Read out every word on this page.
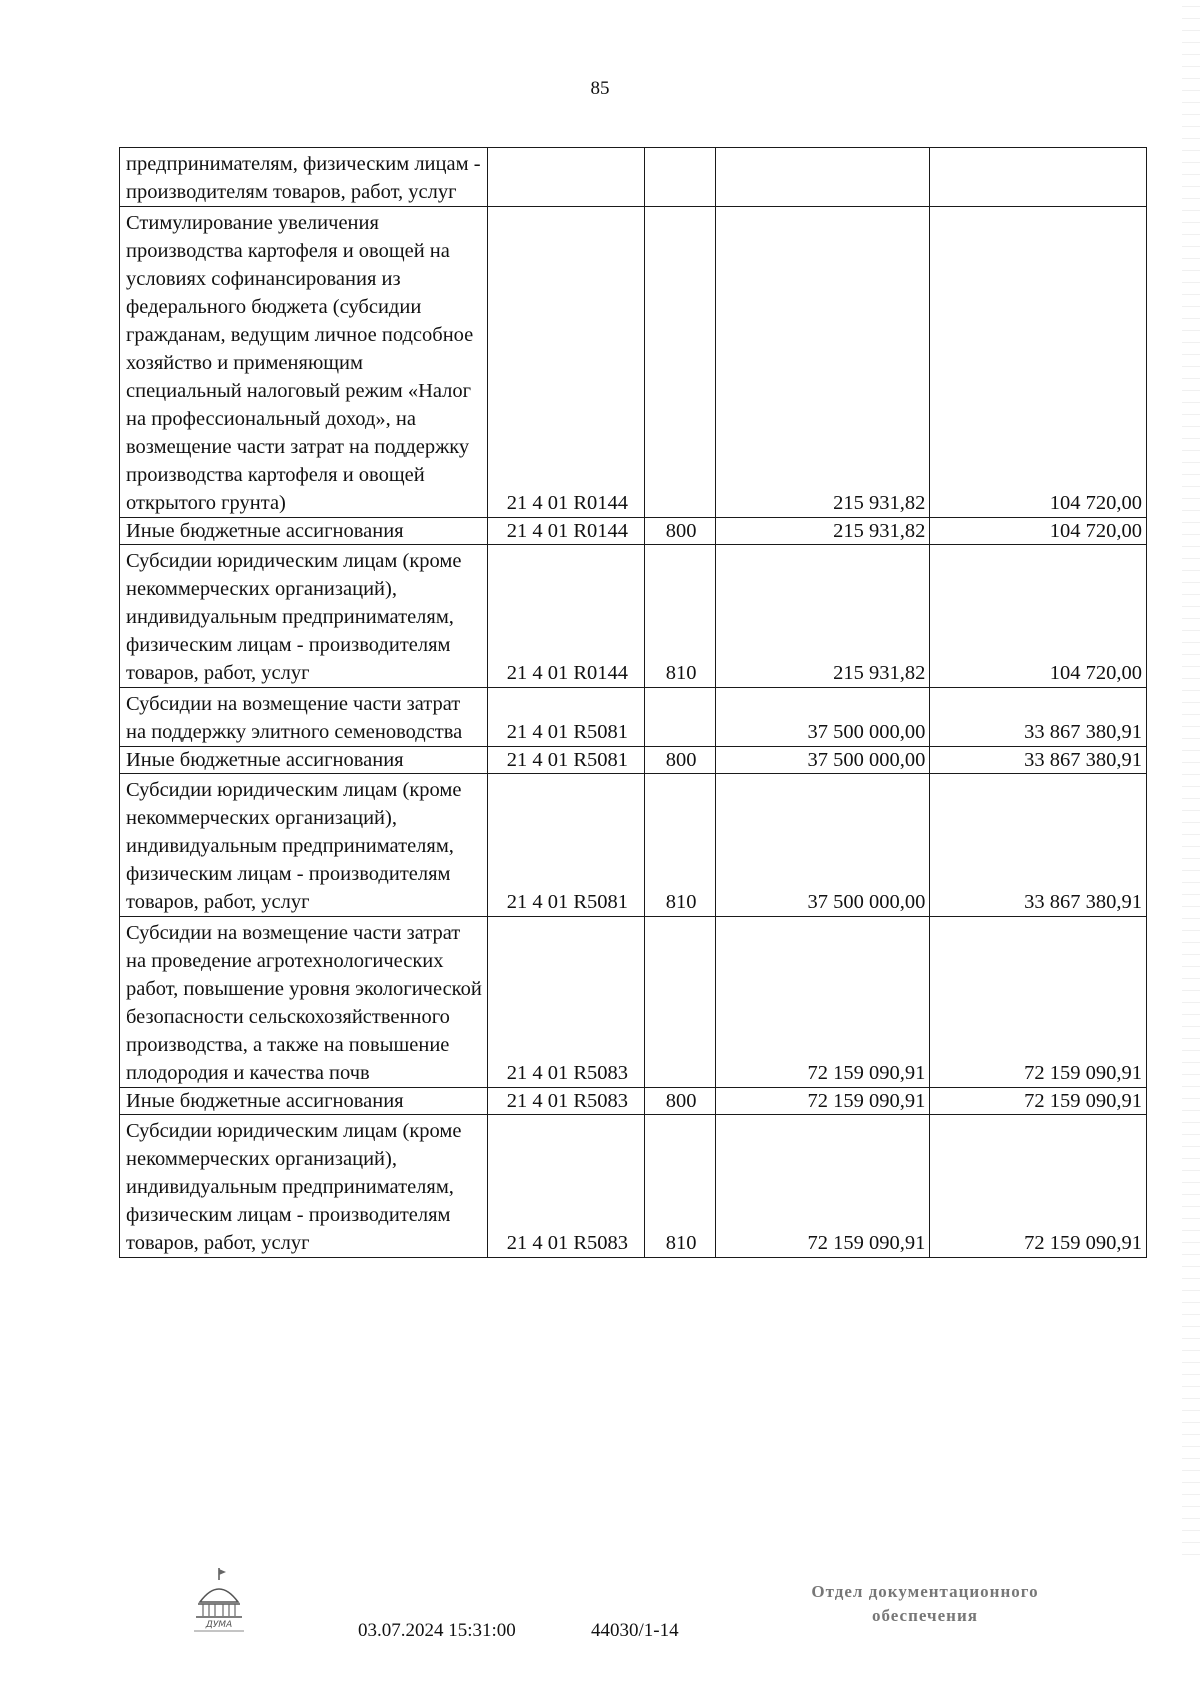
85
предпринимателям, физическим лицам - производителям товаров, работ, услуг				
Стимулирование увеличения производства картофеля и овощей на условиях софинансирования из федерального бюджета (субсидии гражданам, ведущим личное подсобное хозяйство и применяющим специальный налоговый режим «Налог на профессиональный доход», на возмещение части затрат на поддержку производства картофеля и овощей открытого грунта)	21 4 01 R0144		215 931,82	104 720,00
Иные бюджетные ассигнования	21 4 01 R0144	800	215 931,82	104 720,00
Субсидии юридическим лицам (кроме некоммерческих организаций), индивидуальным предпринимателям, физическим лицам - производителям товаров, работ, услуг	21 4 01 R0144	810	215 931,82	104 720,00
Субсидии на возмещение части затрат на поддержку элитного семеноводства	21 4 01 R5081		37 500 000,00	33 867 380,91
Иные бюджетные ассигнования	21 4 01 R5081	800	37 500 000,00	33 867 380,91
Субсидии юридическим лицам (кроме некоммерческих организаций), индивидуальным предпринимателям, физическим лицам - производителям товаров, работ, услуг	21 4 01 R5081	810	37 500 000,00	33 867 380,91
Субсидии на возмещение части затрат на проведение агротехнологических работ, повышение уровня экологической безопасности сельскохозяйственного производства, а также на повышение плодородия и качества почв	21 4 01 R5083		72 159 090,91	72 159 090,91
Иные бюджетные ассигнования	21 4 01 R5083	800	72 159 090,91	72 159 090,91
Субсидии юридическим лицам (кроме некоммерческих организаций), индивидуальным предпринимателям, физическим лицам - производителям товаров, работ, услуг	21 4 01 R5083	810	72 159 090,91	72 159 090,91
ДУМА	03.07.2024 15:31:00	44030/1-14
Отдел документационного
обеспечения
